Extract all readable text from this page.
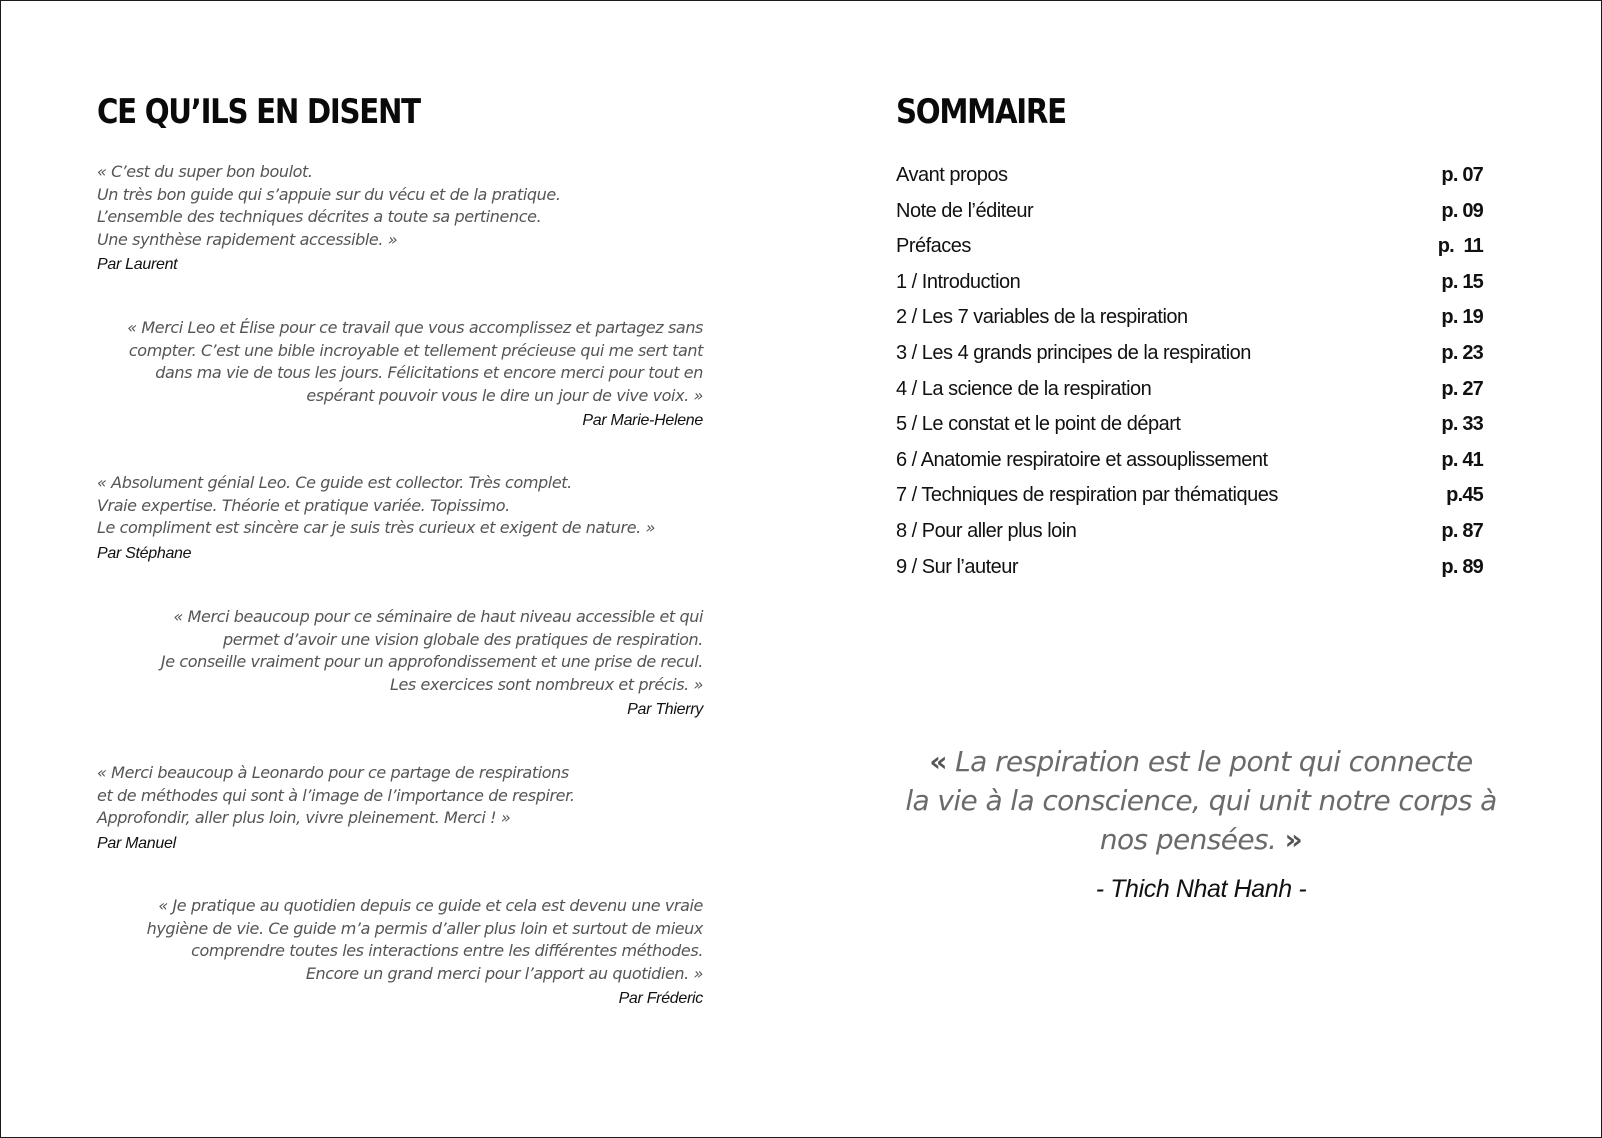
CE QU’ILS EN DISENT
« C’est du super bon boulot.
Un très bon guide qui s’appuie sur du vécu et de la pratique.
L’ensemble des techniques décrites a toute sa pertinence.
Une synthèse rapidement accessible. »
Par Laurent
« Merci Leo et Élise pour ce travail que vous accomplissez et partagez sans
compter. C’est une bible incroyable et tellement précieuse qui me sert tant
dans ma vie de tous les jours. Félicitations et encore merci pour tout en
espérant pouvoir vous le dire un jour de vive voix. »
Par Marie-Helene
« Absolument génial Leo. Ce guide est collector. Très complet.
Vraie expertise. Théorie et pratique variée. Topissimo.
Le compliment est sincère car je suis très curieux et exigent de nature. »
Par Stéphane
« Merci beaucoup pour ce séminaire de haut niveau accessible et qui
permet d’avoir une vision globale des pratiques de respiration.
Je conseille vraiment pour un approfondissement et une prise de recul.
Les exercices sont nombreux et précis. »
Par Thierry
« Merci beaucoup à Leonardo pour ce partage de respirations
et de méthodes qui sont à l’image de l’importance de respirer.
Approfondir, aller plus loin, vivre pleinement. Merci ! »
Par Manuel
« Je pratique au quotidien depuis ce guide et cela est devenu une vraie
hygiène de vie. Ce guide m’a permis d’aller plus loin et surtout de mieux
comprendre toutes les interactions entre les différentes méthodes.
Encore un grand merci pour l’apport au quotidien. »
Par Fréderic
SOMMAIRE
Avant propos	p. 07
Note de l’éditeur	p. 09
Préfaces	p.  11
1 / Introduction	p. 15
2 / Les 7 variables de la respiration	p. 19
3 / Les 4 grands principes de la respiration	p. 23
4 / La science de la respiration	p. 27
5 / Le constat et le point de départ	p. 33
6 / Anatomie respiratoire et assouplissement	p. 41
7 / Techniques de respiration par thématiques	p.45
8 / Pour aller plus loin	p. 87
9 / Sur l’auteur	p. 89
« La respiration est le pont qui connecte
la vie à la conscience, qui unit notre corps à
nos pensées. »
- Thich Nhat Hanh -
